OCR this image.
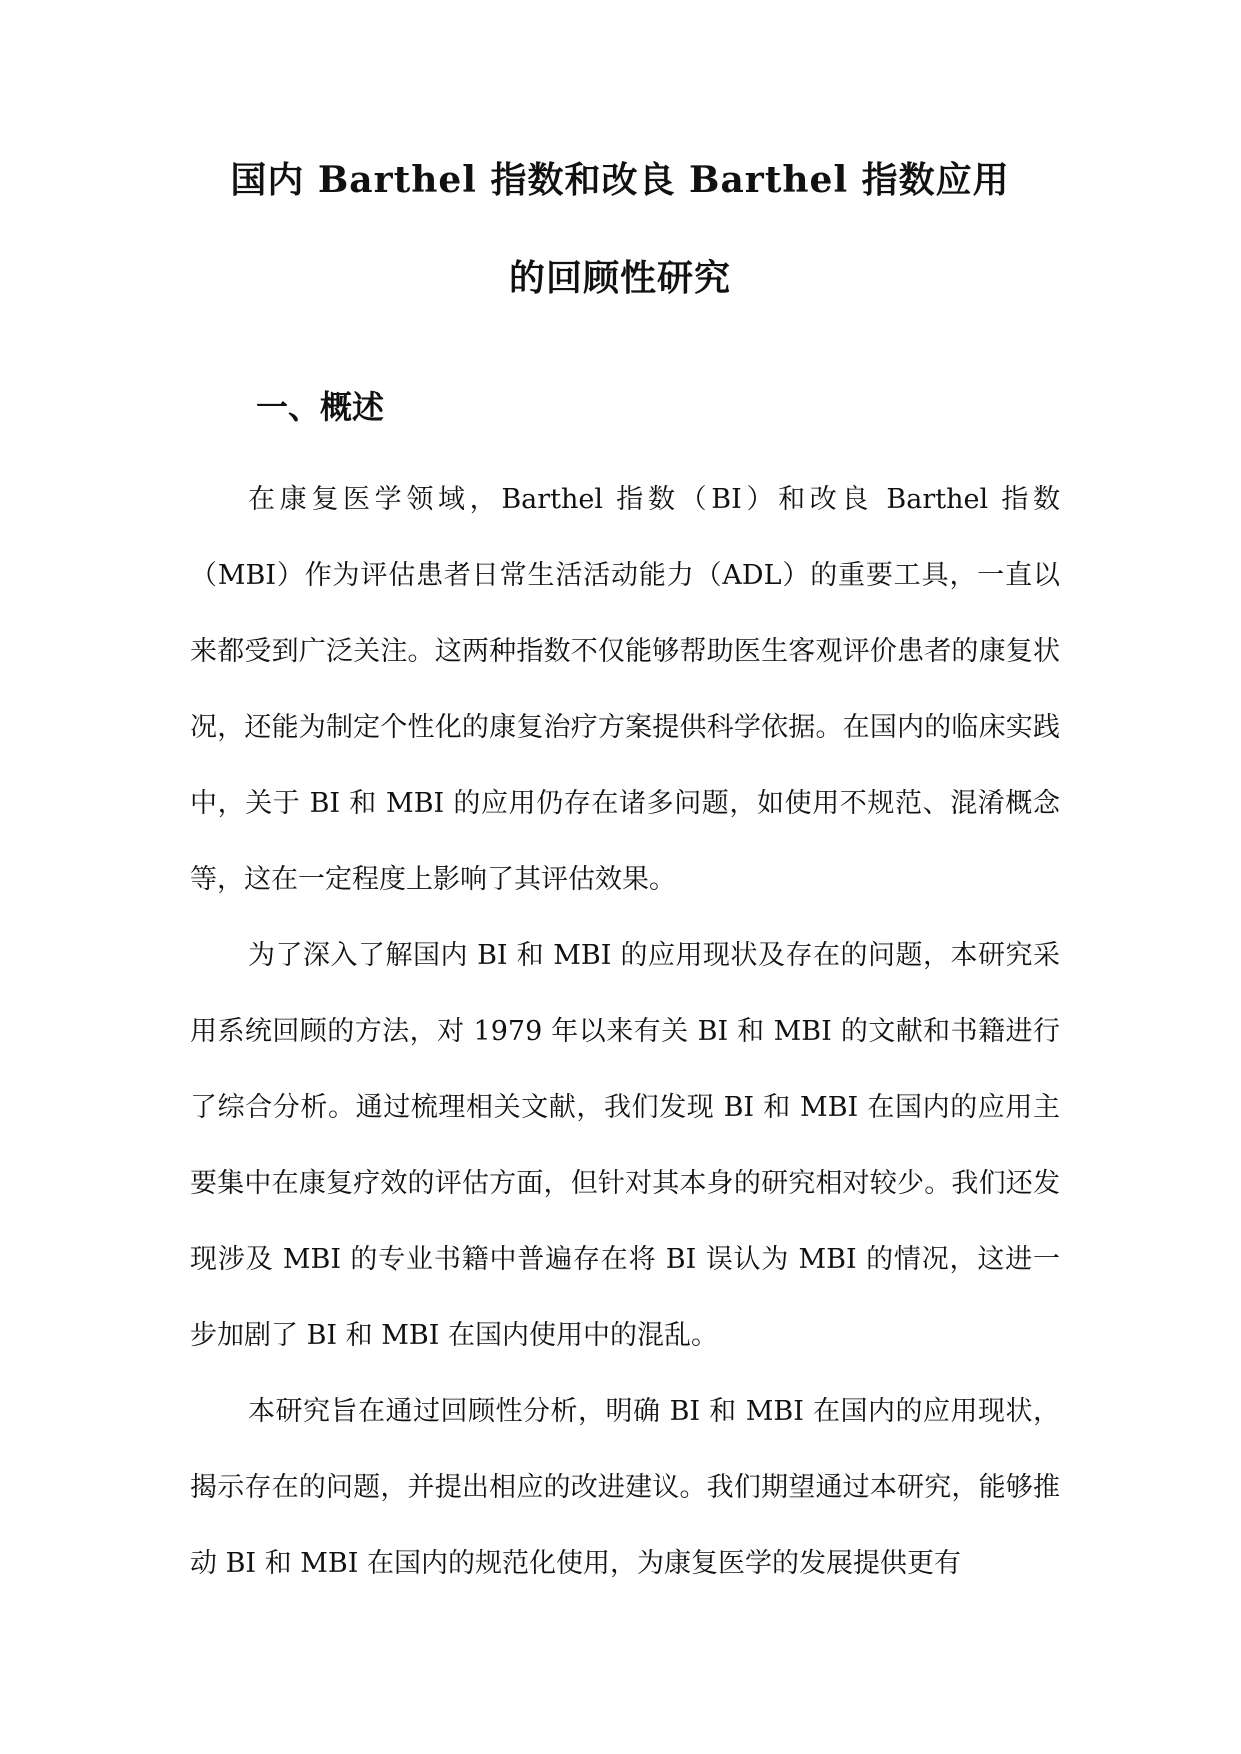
国内 Barthel 指数和改良 Barthel 指数应用
的回顾性研究
一、概述

在康复医学领域，Barthel 指数（BI）和改良 Barthel 指数（MBI）作为评估患者日常生活活动能力（ADL）的重要工具，一直以来都受到广泛关注。这两种指数不仅能够帮助医生客观评价患者的康复状况，还能为制定个性化的康复治疗方案提供科学依据。在国内的临床实践中，关于 BI 和 MBI 的应用仍存在诸多问题，如使用不规范、混淆概念等，这在一定程度上影响了其评估效果。

为了深入了解国内 BI 和 MBI 的应用现状及存在的问题，本研究采用系统回顾的方法，对 1979 年以来有关 BI 和 MBI 的文献和书籍进行了综合分析。通过梳理相关文献，我们发现 BI 和 MBI 在国内的应用主要集中在康复疗效的评估方面，但针对其本身的研究相对较少。我们还发现涉及 MBI 的专业书籍中普遍存在将 BI 误认为 MBI 的情况，这进一步加剧了 BI 和 MBI 在国内使用中的混乱。

本研究旨在通过回顾性分析，明确 BI 和 MBI 在国内的应用现状，揭示存在的问题，并提出相应的改进建议。我们期望通过本研究，能够推动 BI 和 MBI 在国内的规范化使用，为康复医学的发展提供更有
